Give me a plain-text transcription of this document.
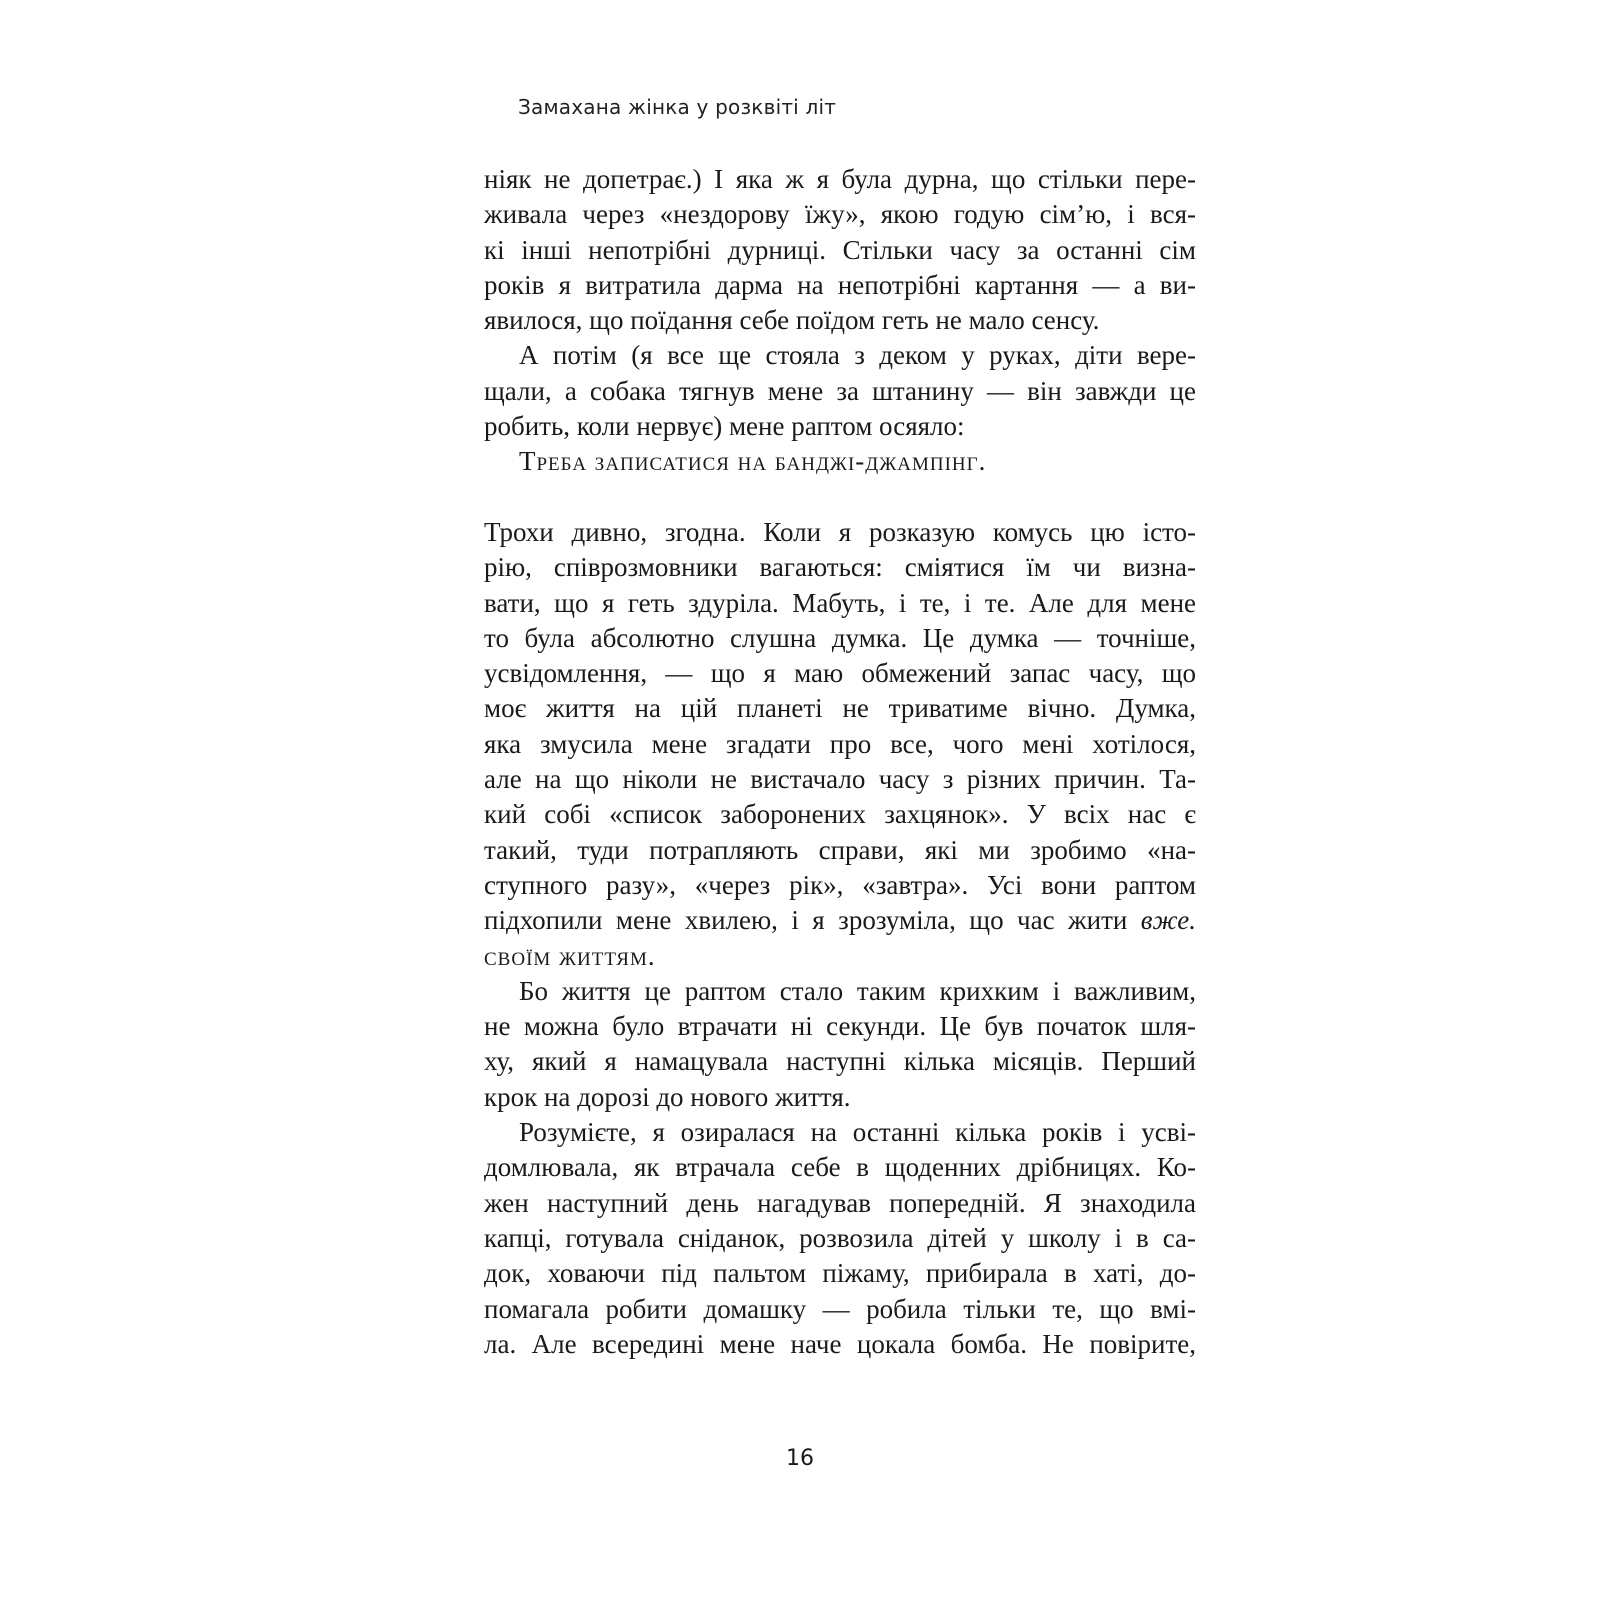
Замахана жінка у розквіті літ
ніяк не допетрає.) І яка ж я була дурна, що стільки пере-
живала через «нездорову їжу», якою годую сім’ю, і вся-
кі інші непотрібні дурниці. Стільки часу за останні сім
років я витратила дарма на непотрібні картання — а ви-
явилося, що поїдання себе поїдом геть не мало сенсу.
А потім (я все ще стояла з деком у руках, діти вере-
щали, а собака тягнув мене за штанину — він завжди це
робить, коли нервує) мене раптом осяяло:
Треба записатися на банджі-джампінг.
Трохи дивно, згодна. Коли я розказую комусь цю істо-
рію, співрозмовники вагаються: сміятися їм чи визна-
вати, що я геть здуріла. Мабуть, і те, і те. Але для мене
то була абсолютно слушна думка. Це думка — точніше,
усвідомлення, — що я маю обмежений запас часу, що
моє життя на цій планеті не триватиме вічно. Думка,
яка змусила мене згадати про все, чого мені хотілося,
але на що ніколи не вистачало часу з різних причин. Та-
кий собі «список заборонених захцянок». У всіх нас є
такий, туди потрапляють справи, які ми зробимо «на-
ступного разу», «через рік», «завтра». Усі вони раптом
підхопили мене хвилею, і я зрозуміла, що час жити вже.
своїм життям.
Бо життя це раптом стало таким крихким і важливим,
не можна було втрачати ні секунди. Це був початок шля-
ху, який я намацувала наступні кілька місяців. Перший
крок на дорозі до нового життя.
Розумієте, я озиралася на останні кілька років і усві-
домлювала, як втрачала себе в щоденних дрібницях. Ко-
жен наступний день нагадував попередній. Я знаходила
капці, готувала сніданок, розвозила дітей у школу і в са-
док, ховаючи під пальтом піжаму, прибирала в хаті, до-
помагала робити домашку — робила тільки те, що вмі-
ла. Але всередині мене наче цокала бомба. Не повірите,
16
